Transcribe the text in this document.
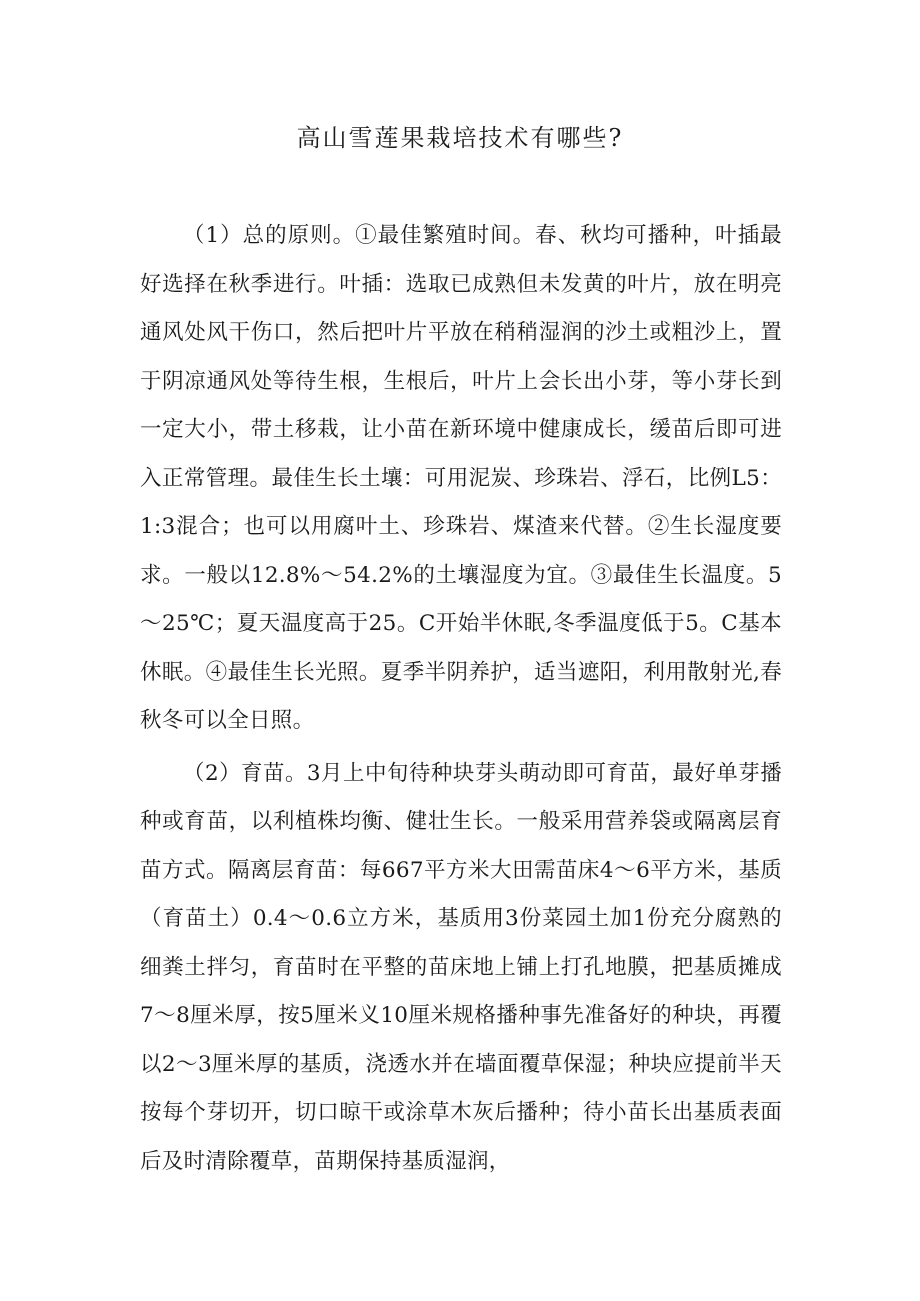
高山雪莲果栽培技术有哪些?

（1）总的原则。①最佳繁殖时间。春、秋均可播种，叶插最好选择在秋季进行。叶插：选取已成熟但未发黄的叶片，放在明亮通风处风干伤口，然后把叶片平放在稍稍湿润的沙土或粗沙上，置于阴凉通风处等待生根，生根后，叶片上会长出小芽，等小芽长到一定大小，带土移栽，让小苗在新环境中健康成长，缓苗后即可进入正常管理。最佳生长土壤：可用泥炭、珍珠岩、浮石，比例L5：1:3混合；也可以用腐叶土、珍珠岩、煤渣来代替。②生长湿度要求。一般以12.8%～54.2%的土壤湿度为宜。③最佳生长温度。5～25℃；夏天温度高于25。C开始半休眠,冬季温度低于5。C基本休眠。④最佳生长光照。夏季半阴养护，适当遮阳，利用散射光,春秋冬可以全日照。

（2）育苗。3月上中旬待种块芽头萌动即可育苗，最好单芽播种或育苗，以利植株均衡、健壮生长。一般采用营养袋或隔离层育苗方式。隔离层育苗：每667平方米大田需苗床4～6平方米，基质（育苗土）0.4～0.6立方米，基质用3份菜园土加1份充分腐熟的细粪土拌匀，育苗时在平整的苗床地上铺上打孔地膜，把基质摊成7～8厘米厚，按5厘米义10厘米规格播种事先准备好的种块，再覆以2～3厘米厚的基质，浇透水并在墙面覆草保湿；种块应提前半天按每个芽切开，切口晾干或涂草木灰后播种；待小苗长出基质表面后及时清除覆草，苗期保持基质湿润，
